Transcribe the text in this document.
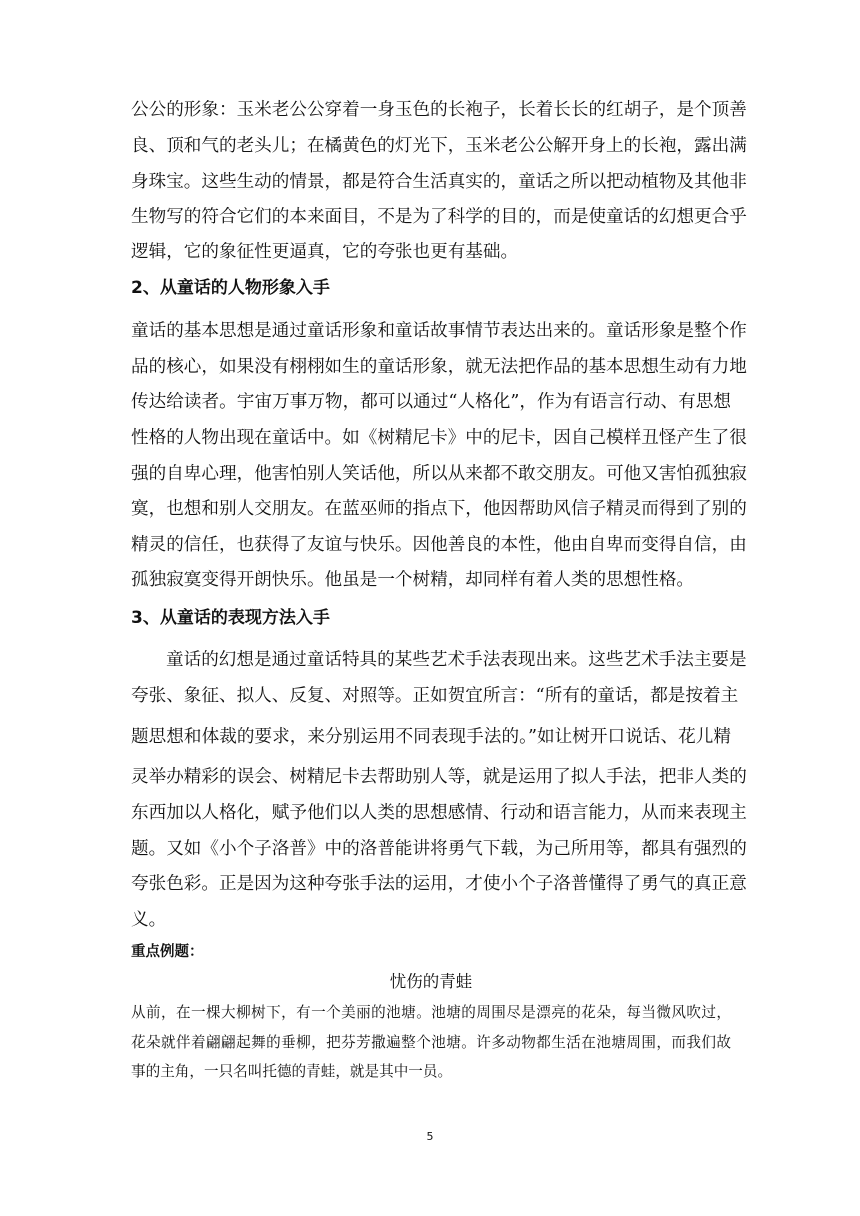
公公的形象：玉米老公公穿着一身玉色的长袍子，长着长长的红胡子，是个顶善
良、顶和气的老头儿；在橘黄色的灯光下，玉米老公公解开身上的长袍，露出满
身珠宝。这些生动的情景，都是符合生活真实的，童话之所以把动植物及其他非
生物写的符合它们的本来面目，不是为了科学的目的，而是使童话的幻想更合乎
逻辑，它的象征性更逼真，它的夸张也更有基础。
2、从童话的人物形象入手
童话的基本思想是通过童话形象和童话故事情节表达出来的。童话形象是整个作
品的核心，如果没有栩栩如生的童话形象，就无法把作品的基本思想生动有力地
传达给读者。宇宙万事万物，都可以通过“人格化”，作为有语言行动、有思想
性格的人物出现在童话中。如《树精尼卡》中的尼卡，因自己模样丑怪产生了很
强的自卑心理，他害怕别人笑话他，所以从来都不敢交朋友。可他又害怕孤独寂
寞，也想和别人交朋友。在蓝巫师的指点下，他因帮助风信子精灵而得到了别的
精灵的信任，也获得了友谊与快乐。因他善良的本性，他由自卑而变得自信，由
孤独寂寞变得开朗快乐。他虽是一个树精，却同样有着人类的思想性格。
3、从童话的表现方法入手
童话的幻想是通过童话特具的某些艺术手法表现出来。这些艺术手法主要是
夸张、象征、拟人、反复、对照等。正如贺宜所言：“所有的童话，都是按着主
题思想和体裁的要求，来分别运用不同表现手法的。”如让树开口说话、花儿精
灵举办精彩的误会、树精尼卡去帮助别人等，就是运用了拟人手法，把非人类的
东西加以人格化，赋予他们以人类的思想感情、行动和语言能力，从而来表现主
题。又如《小个子洛普》中的洛普能讲将勇气下载，为己所用等，都具有强烈的
夸张色彩。正是因为这种夸张手法的运用，才使小个子洛普懂得了勇气的真正意
义。
重点例题：
忧伤的青蛙
从前，在一棵大柳树下，有一个美丽的池塘。池塘的周围尽是漂亮的花朵，每当微风吹过，
花朵就伴着翩翩起舞的垂柳，把芬芳撒遍整个池塘。许多动物都生活在池塘周围，而我们故
事的主角，一只名叫托德的青蛙，就是其中一员。
5
